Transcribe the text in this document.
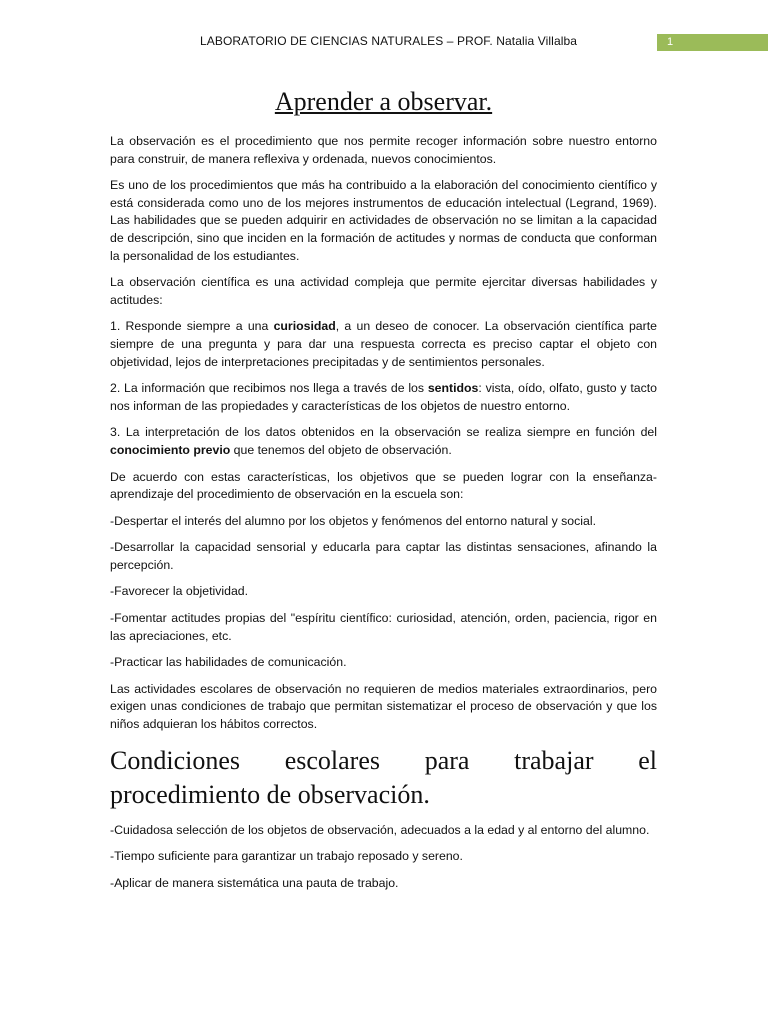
LABORATORIO DE CIENCIAS NATURALES – PROF. Natalia Villalba	1
Aprender a observar.

La observación es el procedimiento que nos permite recoger información sobre nuestro entorno para construir, de manera reflexiva y ordenada, nuevos conocimientos.

Es uno de los procedimientos que más ha contribuido a la elaboración del conocimiento científico y está considerada como uno de los mejores instrumentos de educación intelectual (Legrand, 1969). Las habilidades que se pueden adquirir en actividades de observación no se limitan a la capacidad de descripción, sino que inciden en la formación de actitudes y normas de conducta que conforman la personalidad de los estudiantes.

La observación científica es una actividad compleja que permite ejercitar diversas habilidades y actitudes:

1. Responde siempre a una curiosidad, a un deseo de conocer. La observación científica parte siempre de una pregunta y para dar una respuesta correcta es preciso captar el objeto con objetividad, lejos de interpretaciones precipitadas y de sentimientos personales.

2. La información que recibimos nos llega a través de los sentidos: vista, oído, olfato, gusto y tacto nos informan de las propiedades y características de los objetos de nuestro entorno.

3. La interpretación de los datos obtenidos en la observación se realiza siempre en función del conocimiento previo que tenemos del objeto de observación.

De acuerdo con estas características, los objetivos que se pueden lograr con la enseñanza-aprendizaje del procedimiento de observación en la escuela son:

-Despertar el interés del alumno por los objetos y fenómenos del entorno natural y social.

-Desarrollar la capacidad sensorial y educarla para captar las distintas sensaciones, afinando la percepción.

-Favorecer la objetividad.

-Fomentar actitudes propias del "espíritu científico: curiosidad, atención, orden, paciencia, rigor en las apreciaciones, etc.

-Practicar las habilidades de comunicación.

Las actividades escolares de observación no requieren de medios materiales extraordinarios, pero exigen unas condiciones de trabajo que permitan sistematizar el proceso de observación y que los niños adquieran los hábitos correctos.

Condiciones escolares para trabajar el procedimiento de observación.

-Cuidadosa selección de los objetos de observación, adecuados a la edad y al entorno del alumno.

-Tiempo suficiente para garantizar un trabajo reposado y sereno.

-Aplicar de manera sistemática una pauta de trabajo.
